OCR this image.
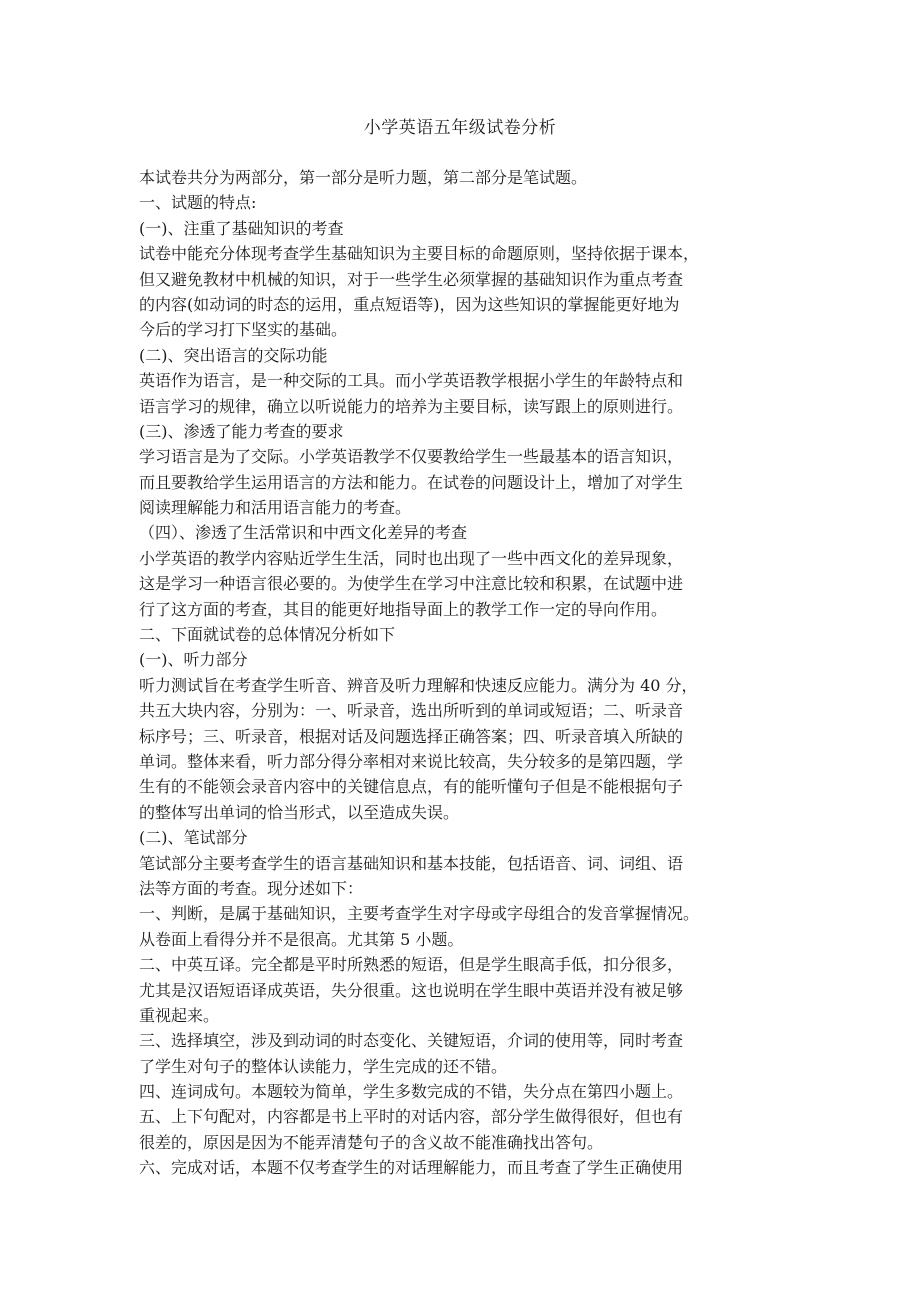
小学英语五年级试卷分析
本试卷共分为两部分，第一部分是听力题，第二部分是笔试题。
一、试题的特点:
(一)、注重了基础知识的考查
试卷中能充分体现考查学生基础知识为主要目标的命题原则，坚持依据于课本，
但又避免教材中机械的知识，对于一些学生必须掌握的基础知识作为重点考查
的内容(如动词的时态的运用，重点短语等)，因为这些知识的掌握能更好地为
今后的学习打下坚实的基础。
(二)、突出语言的交际功能
英语作为语言，是一种交际的工具。而小学英语教学根据小学生的年龄特点和
语言学习的规律，确立以听说能力的培养为主要目标，读写跟上的原则进行。
(三)、渗透了能力考查的要求
学习语言是为了交际。小学英语教学不仅要教给学生一些最基本的语言知识，
而且要教给学生运用语言的方法和能力。在试卷的问题设计上，增加了对学生
阅读理解能力和活用语言能力的考查。
（四）、渗透了生活常识和中西文化差异的考查
小学英语的教学内容贴近学生生活，同时也出现了一些中西文化的差异现象，
这是学习一种语言很必要的。为使学生在学习中注意比较和积累，在试题中进
行了这方面的考查，其目的能更好地指导面上的教学工作一定的导向作用。
二、下面就试卷的总体情况分析如下
(一)、听力部分
听力测试旨在考查学生听音、辨音及听力理解和快速反应能力。满分为 40 分，
共五大块内容，分别为：一、听录音，选出所听到的单词或短语；二、听录音
标序号；三、听录音，根据对话及问题选择正确答案；四、听录音填入所缺的
单词。整体来看，听力部分得分率相对来说比较高，失分较多的是第四题，学
生有的不能领会录音内容中的关键信息点，有的能听懂句子但是不能根据句子
的整体写出单词的恰当形式，以至造成失误。
(二)、笔试部分
笔试部分主要考查学生的语言基础知识和基本技能，包括语音、词、词组、语
法等方面的考查。现分述如下：
一、判断，是属于基础知识，主要考查学生对字母或字母组合的发音掌握情况。
从卷面上看得分并不是很高。尤其第 5 小题。
二、中英互译。完全都是平时所熟悉的短语，但是学生眼高手低，扣分很多，
尤其是汉语短语译成英语，失分很重。这也说明在学生眼中英语并没有被足够
重视起来。
三、选择填空，涉及到动词的时态变化、关键短语，介词的使用等，同时考查
了学生对句子的整体认读能力，学生完成的还不错。
四、连词成句。本题较为简单，学生多数完成的不错，失分点在第四小题上。
五、上下句配对，内容都是书上平时的对话内容，部分学生做得很好，但也有
很差的，原因是因为不能弄清楚句子的含义故不能准确找出答句。
六、完成对话，本题不仅考查学生的对话理解能力，而且考查了学生正确使用
